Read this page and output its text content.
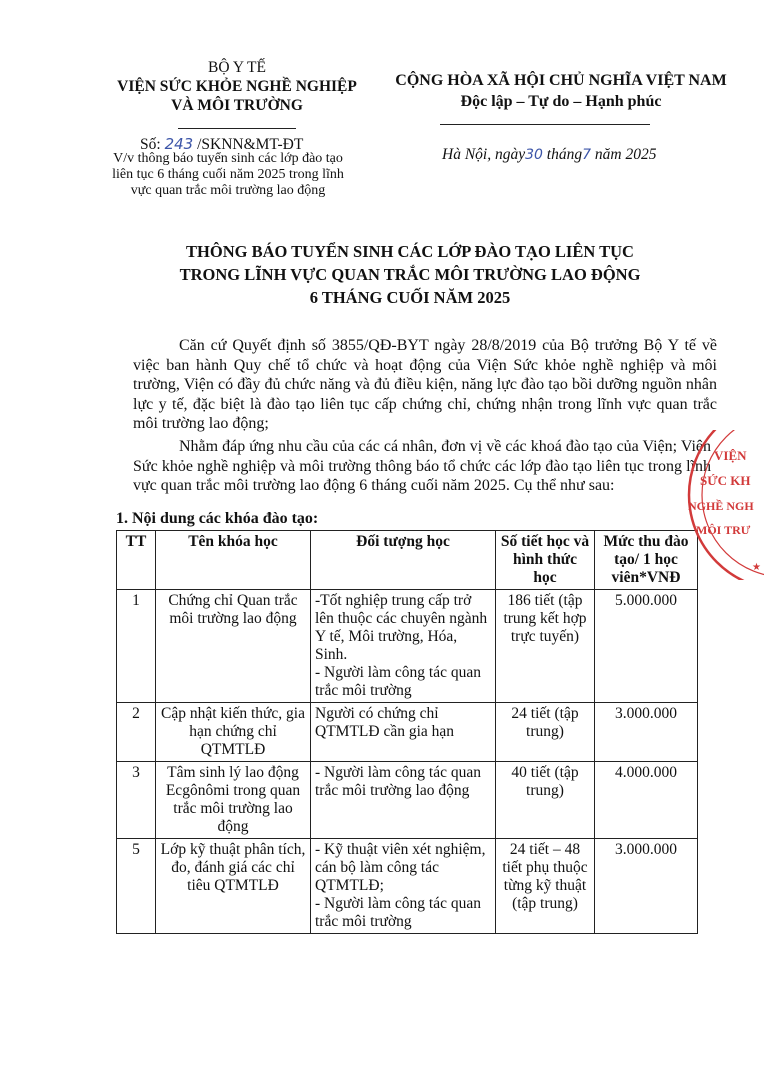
BỘ Y TẾ
VIỆN SỨC KHỎE NGHỀ NGHIỆP
VÀ MÔI TRƯỜNG
CỘNG HÒA XÃ HỘI CHỦ NGHĨA VIỆT NAM
Độc lập – Tự do – Hạnh phúc
Số: 243 /SKNN&MT-ĐT
V/v thông báo tuyển sinh các lớp đào tạo liên tục 6 tháng cuối năm 2025 trong lĩnh vực quan trắc môi trường lao động
Hà Nội, ngày30 tháng7 năm 2025
THÔNG BÁO TUYỂN SINH CÁC LỚP ĐÀO TẠO LIÊN TỤC
TRONG LĨNH VỰC QUAN TRẮC MÔI TRƯỜNG LAO ĐỘNG
6 THÁNG CUỐI NĂM 2025
Căn cứ Quyết định số 3855/QĐ-BYT ngày 28/8/2019 của Bộ trưởng Bộ Y tế về việc ban hành Quy chế tổ chức và hoạt động của Viện Sức khỏe nghề nghiệp và môi trường, Viện có đầy đủ chức năng và đủ điều kiện, năng lực đào tạo bồi dưỡng nguồn nhân lực y tế, đặc biệt là đào tạo liên tục cấp chứng chỉ, chứng nhận trong lĩnh vực quan trắc môi trường lao động;
Nhằm đáp ứng nhu cầu của các cá nhân, đơn vị về các khoá đào tạo của Viện; Viện Sức khỏe nghề nghiệp và môi trường thông báo tổ chức các lớp đào tạo liên tục trong lĩnh vực quan trắc môi trường lao động 6 tháng cuối năm 2025. Cụ thể như sau:
1. Nội dung các khóa đào tạo:
TT	Tên khóa học	Đối tượng học	Số tiết học và hình thức học	Mức thu đào tạo/ 1 học viên*VNĐ
1	Chứng chỉ Quan trắc môi trường lao động	-Tốt nghiệp trung cấp trở lên thuộc các chuyên ngành Y tế, Môi trường, Hóa, Sinh.
- Người làm công tác quan trắc môi trường	186 tiết (tập trung kết hợp trực tuyến)	5.000.000
2	Cập nhật kiến thức, gia hạn chứng chỉ QTMTLĐ	Người có chứng chỉ QTMTLĐ cần gia hạn	24 tiết (tập trung)	3.000.000
3	Tâm sinh lý lao động Ecgônômi trong quan trắc môi trường lao động	- Người làm công tác quan trắc môi trường lao động	40 tiết (tập trung)	4.000.000
5	Lớp kỹ thuật phân tích, đo, đánh giá các chỉ tiêu QTMTLĐ	- Kỹ thuật viên xét nghiệm, cán bộ làm công tác QTMTLĐ;
- Người làm công tác quan trắc môi trường	24 tiết – 48 tiết phụ thuộc từng kỹ thuật (tập trung)	3.000.000
VIỆN
SỨC KH
NGHỀ NGH
MÔI TRƯ
★
